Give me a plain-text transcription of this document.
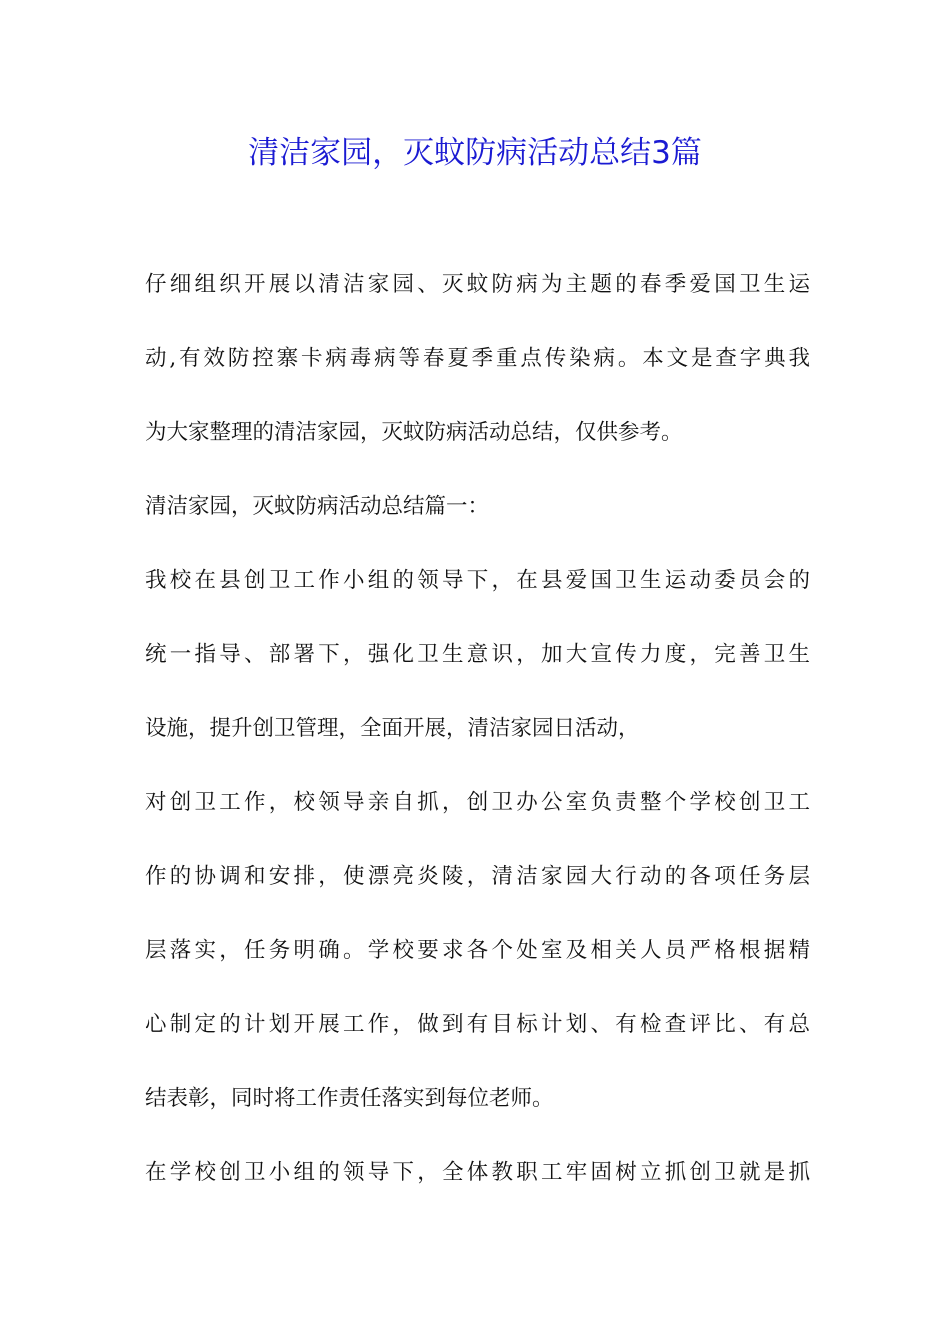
清洁家园，灭蚊防病活动总结3篇
仔细组织开展以清洁家园、灭蚊防病为主题的春季爱国卫生运
动,有效防控寨卡病毒病等春夏季重点传染病。本文是查字典我
为大家整理的清洁家园，灭蚊防病活动总结，仅供参考。
清洁家园，灭蚊防病活动总结篇一：
我校在县创卫工作小组的领导下，在县爱国卫生运动委员会的
统一指导、部署下，强化卫生意识，加大宣传力度，完善卫生
设施，提升创卫管理，全面开展，清洁家园日活动，
对创卫工作，校领导亲自抓，创卫办公室负责整个学校创卫工
作的协调和安排，使漂亮炎陵，清洁家园大行动的各项任务层
层落实，任务明确。学校要求各个处室及相关人员严格根据精
心制定的计划开展工作，做到有目标计划、有检查评比、有总
结表彰，同时将工作责任落实到每位老师。
在学校创卫小组的领导下，全体教职工牢固树立抓创卫就是抓
